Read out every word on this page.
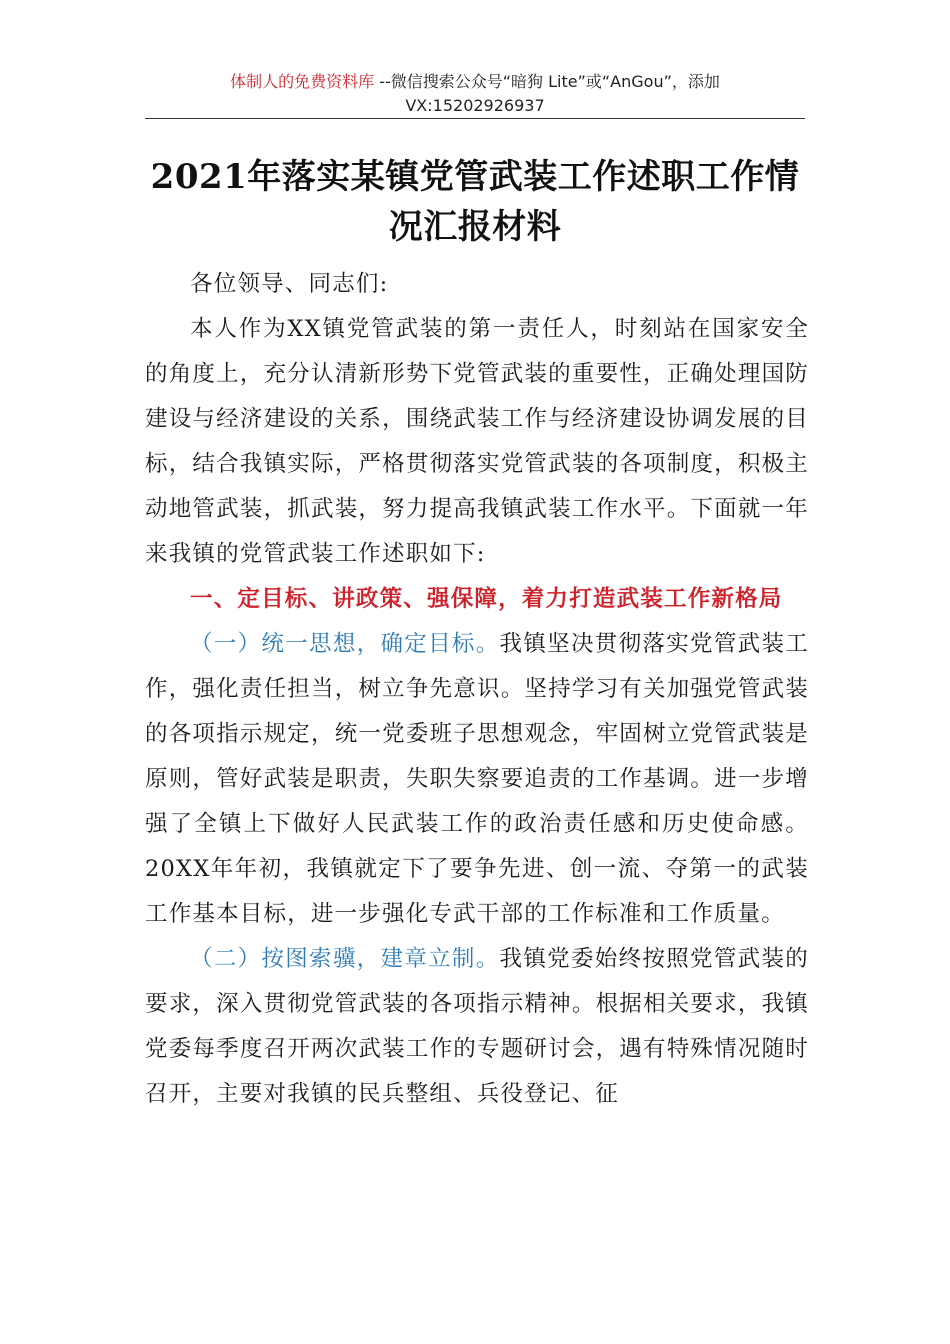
体制人的免费资料库 --微信搜索公众号“暗狗 Lite”或“AnGou”，添加
VX:15202926937
2021年落实某镇党管武装工作述职工作情
况汇报材料

各位领导、同志们:

本人作为XX镇党管武装的第一责任人，时刻站在国家安全的角度上，充分认清新形势下党管武装的重要性，正确处理国防建设与经济建设的关系，围绕武装工作与经济建设协调发展的目标，结合我镇实际，严格贯彻落实党管武装的各项制度，积极主动地管武装，抓武装，努力提高我镇武装工作水平。下面就一年来我镇的党管武装工作述职如下:

一、定目标、讲政策、强保障，着力打造武装工作新格局

（一）统一思想，确定目标。我镇坚决贯彻落实党管武装工作，强化责任担当，树立争先意识。坚持学习有关加强党管武装的各项指示规定，统一党委班子思想观念，牢固树立党管武装是原则，管好武装是职责，失职失察要追责的工作基调。进一步增强了全镇上下做好人民武装工作的政治责任感和历史使命感。20XX年年初，我镇就定下了要争先进、创一流、夺第一的武装工作基本目标，进一步强化专武干部的工作标准和工作质量。

（二）按图索骥，建章立制。我镇党委始终按照党管武装的要求，深入贯彻党管武装的各项指示精神。根据相关要求，我镇党委每季度召开两次武装工作的专题研讨会，遇有特殊情况随时召开，主要对我镇的民兵整组、兵役登记、征
